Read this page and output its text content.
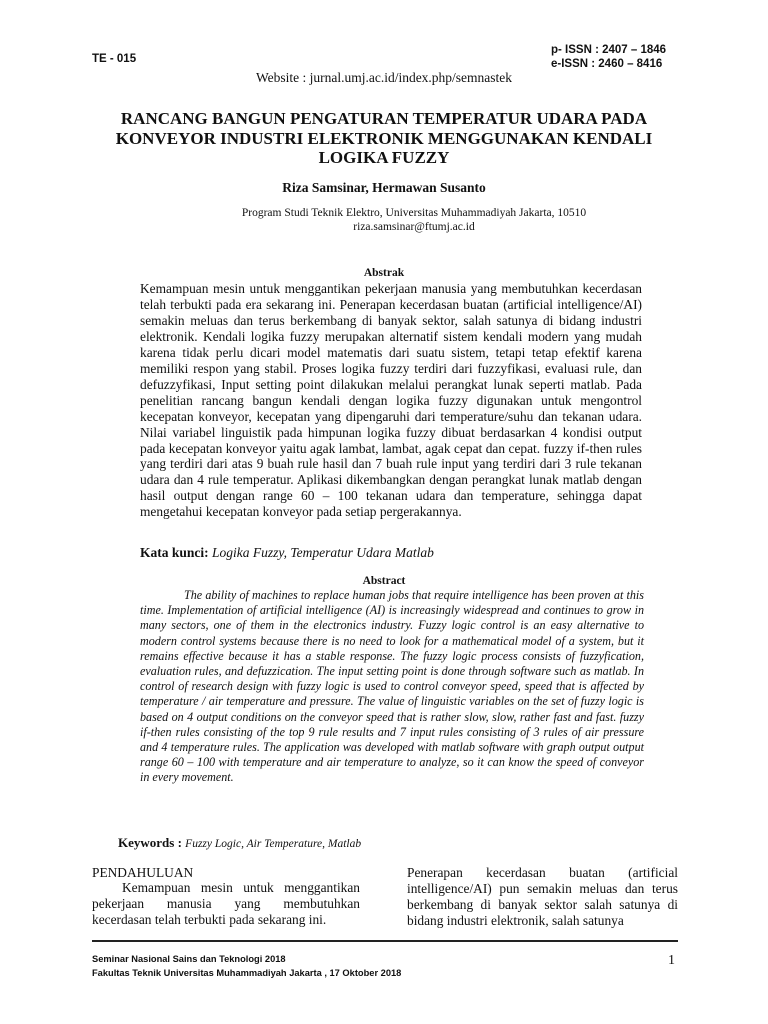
TE - 015
p- ISSN : 2407 – 1846
e-ISSN : 2460 – 8416
Website : jurnal.umj.ac.id/index.php/semnastek
RANCANG BANGUN PENGATURAN TEMPERATUR UDARA PADA KONVEYOR INDUSTRI ELEKTRONIK MENGGUNAKAN KENDALI LOGIKA FUZZY
Riza Samsinar, Hermawan Susanto
Program Studi Teknik Elektro, Universitas Muhammadiyah Jakarta, 10510
riza.samsinar@ftumj.ac.id
Abstrak
Kemampuan mesin untuk menggantikan pekerjaan manusia yang membutuhkan kecerdasan telah terbukti pada era sekarang ini. Penerapan kecerdasan buatan (artificial intelligence/AI) semakin meluas dan terus berkembang di banyak sektor, salah satunya di bidang industri elektronik. Kendali logika fuzzy merupakan alternatif sistem kendali modern yang mudah karena tidak perlu dicari model matematis dari suatu sistem, tetapi tetap efektif karena memiliki respon yang stabil. Proses logika fuzzy terdiri dari fuzzyfikasi, evaluasi rule, dan defuzzyfikasi, Input setting point dilakukan melalui perangkat lunak seperti matlab. Pada penelitian rancang bangun kendali dengan logika fuzzy digunakan untuk mengontrol kecepatan konveyor, kecepatan yang dipengaruhi dari temperature/suhu dan tekanan udara. Nilai variabel linguistik pada himpunan logika fuzzy dibuat berdasarkan 4 kondisi output pada kecepatan konveyor yaitu agak lambat, lambat, agak cepat dan cepat. fuzzy if-then rules yang terdiri dari atas 9 buah rule hasil dan 7 buah rule input yang terdiri dari 3 rule tekanan udara dan 4 rule temperatur. Aplikasi dikembangkan dengan perangkat lunak matlab dengan hasil output dengan range 60 – 100 tekanan udara dan temperature, sehingga dapat mengetahui kecepatan konveyor pada setiap pergerakannya.
Kata kunci: Logika Fuzzy, Temperatur Udara Matlab
Abstract
The ability of machines to replace human jobs that require intelligence has been proven at this time. Implementation of artificial intelligence (AI) is increasingly widespread and continues to grow in many sectors, one of them in the electronics industry. Fuzzy logic control is an easy alternative to modern control systems because there is no need to look for a mathematical model of a system, but it remains effective because it has a stable response. The fuzzy logic process consists of fuzzyfication, evaluation rules, and defuzzication. The input setting point is done through software such as matlab. In control of research design with fuzzy logic is used to control conveyor speed, speed that is affected by temperature / air temperature and pressure. The value of linguistic variables on the set of fuzzy logic is based on 4 output conditions on the conveyor speed that is rather slow, slow, rather fast and fast. fuzzy if-then rules consisting of the top 9 rule results and 7 input rules consisting of 3 rules of air pressure and 4 temperature rules. The application was developed with matlab software with graph output output range 60 – 100 with temperature and air temperature to analyze, so it can know the speed of conveyor in every movement.
Keywords : Fuzzy Logic, Air Temperature, Matlab
PENDAHULUAN
Kemampuan mesin untuk menggantikan pekerjaan manusia yang membutuhkan kecerdasan telah terbukti pada sekarang ini.
Penerapan kecerdasan buatan (artificial intelligence/AI) pun semakin meluas dan terus berkembang di banyak sektor salah satunya di bidang industri elektronik, salah satunya
Seminar Nasional Sains dan Teknologi 2018
Fakultas Teknik Universitas Muhammadiyah Jakarta , 17 Oktober 2018
1
